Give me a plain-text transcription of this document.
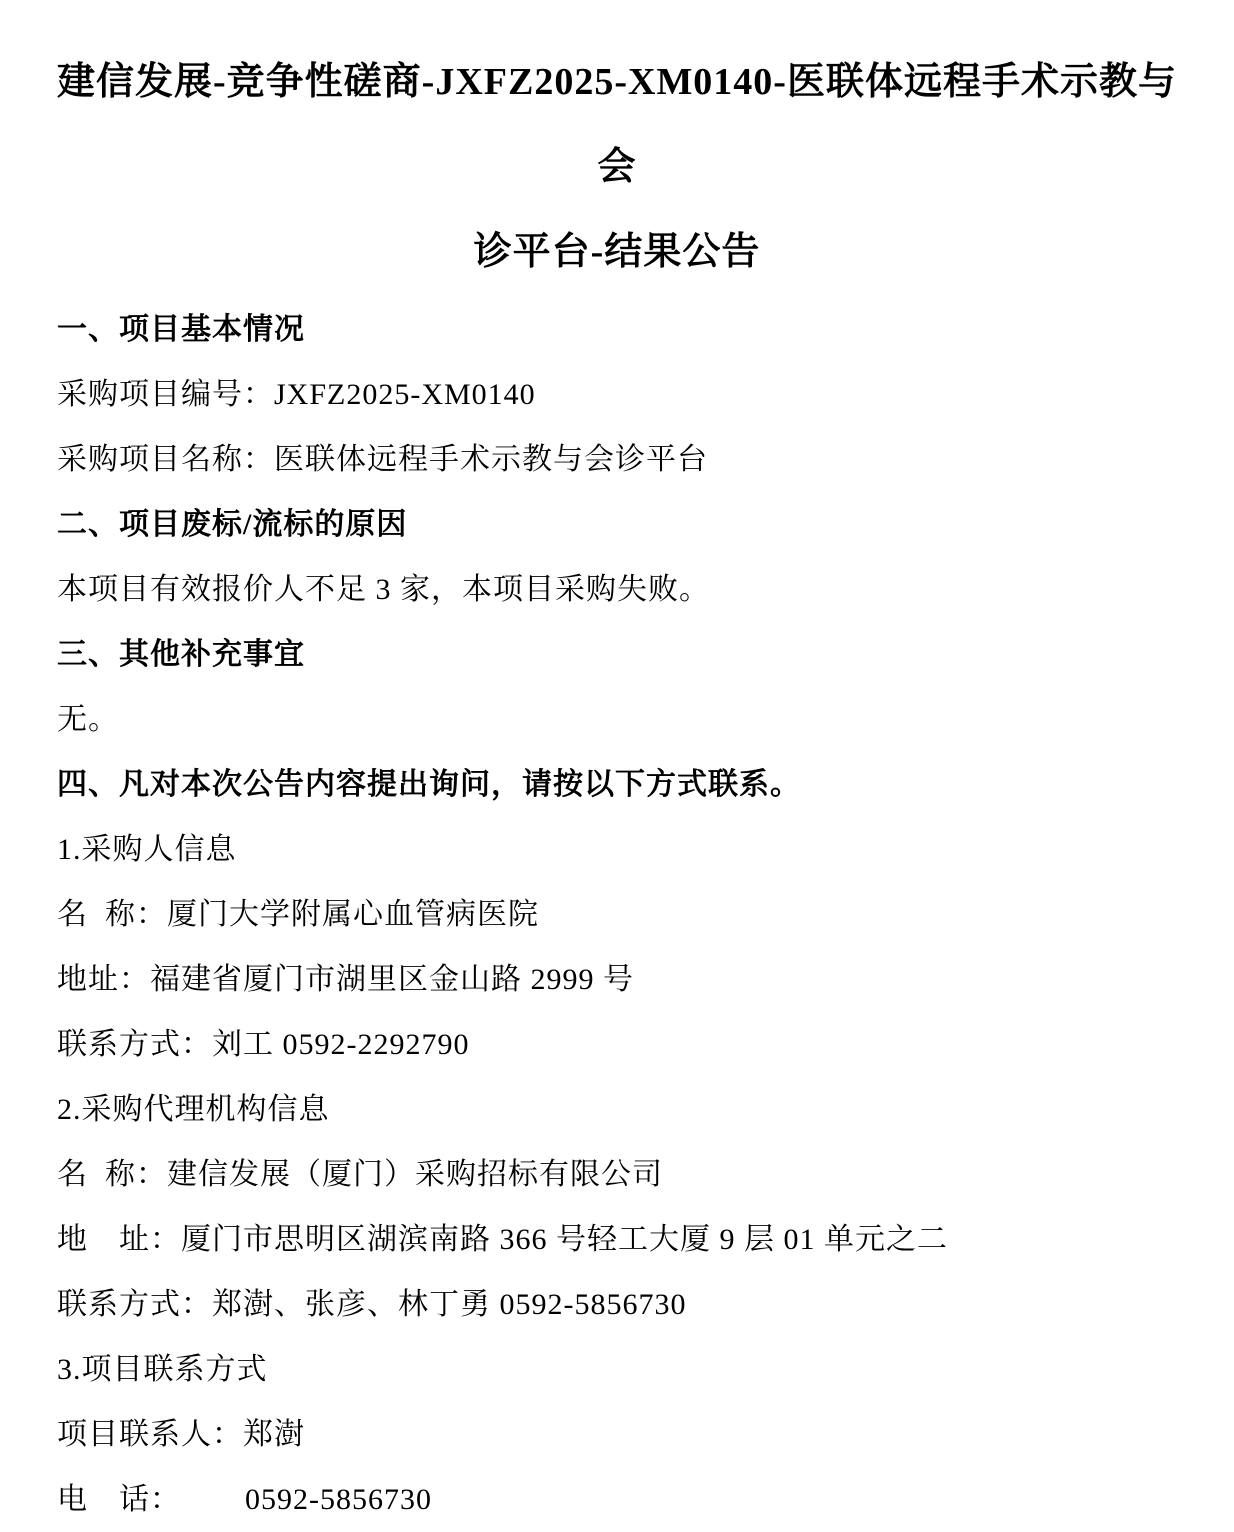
建信发展-竞争性磋商-JXFZ2025-XM0140-医联体远程手术示教与会
诊平台-结果公告
一、项目基本情况
采购项目编号：JXFZ2025-XM0140
采购项目名称：医联体远程手术示教与会诊平台
二、项目废标/流标的原因
本项目有效报价人不足 3 家，本项目采购失败。
三、其他补充事宜
无。
四、凡对本次公告内容提出询问，请按以下方式联系。
1.采购人信息
名  称：厦门大学附属心血管病医院
地址：福建省厦门市湖里区金山路 2999 号
联系方式：刘工 0592-2292790
2.采购代理机构信息
名  称：建信发展（厦门）采购招标有限公司
地　址：厦门市思明区湖滨南路 366 号轻工大厦 9 层 01 单元之二
联系方式：郑澍、张彦、林丁勇 0592-5856730
3.项目联系方式
项目联系人：郑澍
电　话：　　  0592-5856730
